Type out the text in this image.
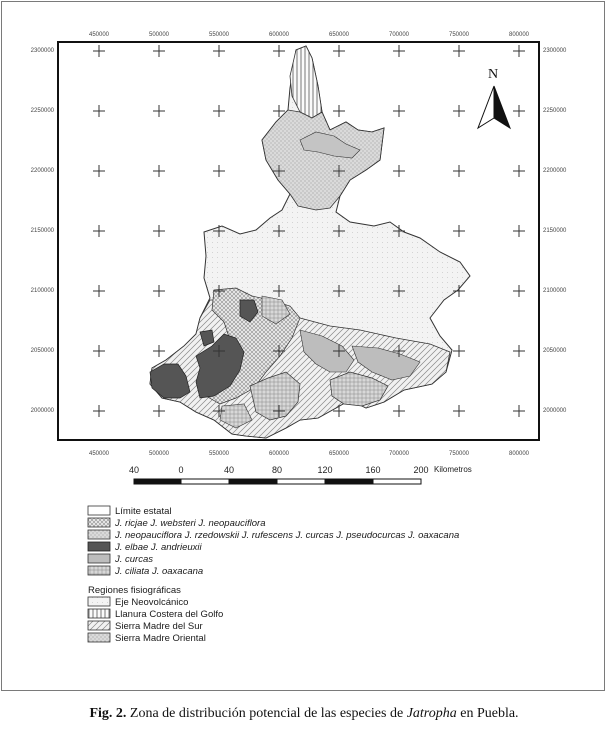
450000	500000	550000	600000	650000	700000	750000	800000
450000	500000	550000	600000	650000	700000	750000	800000
2300000
2250000
2200000
2150000
2100000
2050000
2000000
2300000
2250000
2200000
2150000
2100000
2050000
2000000
N
40	0	40	80	120	160	200 Kilometros
Límite estatal
J. ricjae J. websteri J. neopauciflora
J. neopauciflora J. rzedowskii J. rufescens J. curcas J. pseudocurcas J. oaxacana
J. elbae J. andrieuxii
J. curcas
J. ciliata J. oaxacana
Regiones fisiográficas
Eje Neovolcánico
Llanura Costera del Golfo
Sierra Madre del Sur
Sierra Madre Oriental
Fig. 2. Zona de distribución potencial de las especies de Jatropha en Puebla.
